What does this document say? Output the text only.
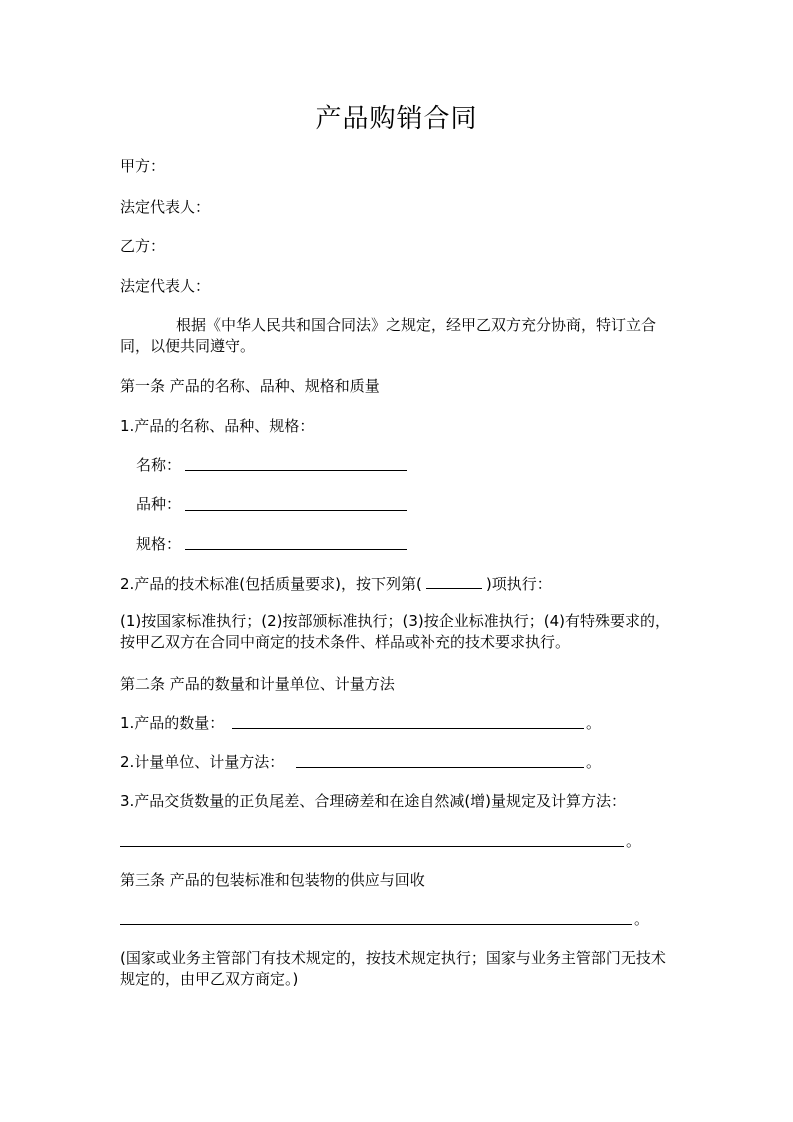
产品购销合同
甲方：
法定代表人：
乙方：
法定代表人：
根据《中华人民共和国合同法》之规定，经甲乙双方充分协商，特订立合同，以便共同遵守。
第一条 产品的名称、品种、规格和质量
1.产品的名称、品种、规格：
名称：
品种：
规格：
2.产品的技术标准(包括质量要求)，按下列第(	)项执行：
(1)按国家标准执行；(2)按部颁标准执行；(3)按企业标准执行；(4)有特殊要求的，按甲乙双方在合同中商定的技术条件、样品或补充的技术要求执行。
第二条 产品的数量和计量单位、计量方法
1.产品的数量：	。
2.计量单位、计量方法：	。
3.产品交货数量的正负尾差、合理磅差和在途自然减(增)量规定及计算方法：
。
第三条 产品的包装标准和包装物的供应与回收
。
(国家或业务主管部门有技术规定的，按技术规定执行；国家与业务主管部门无技术规定的，由甲乙双方商定。)
